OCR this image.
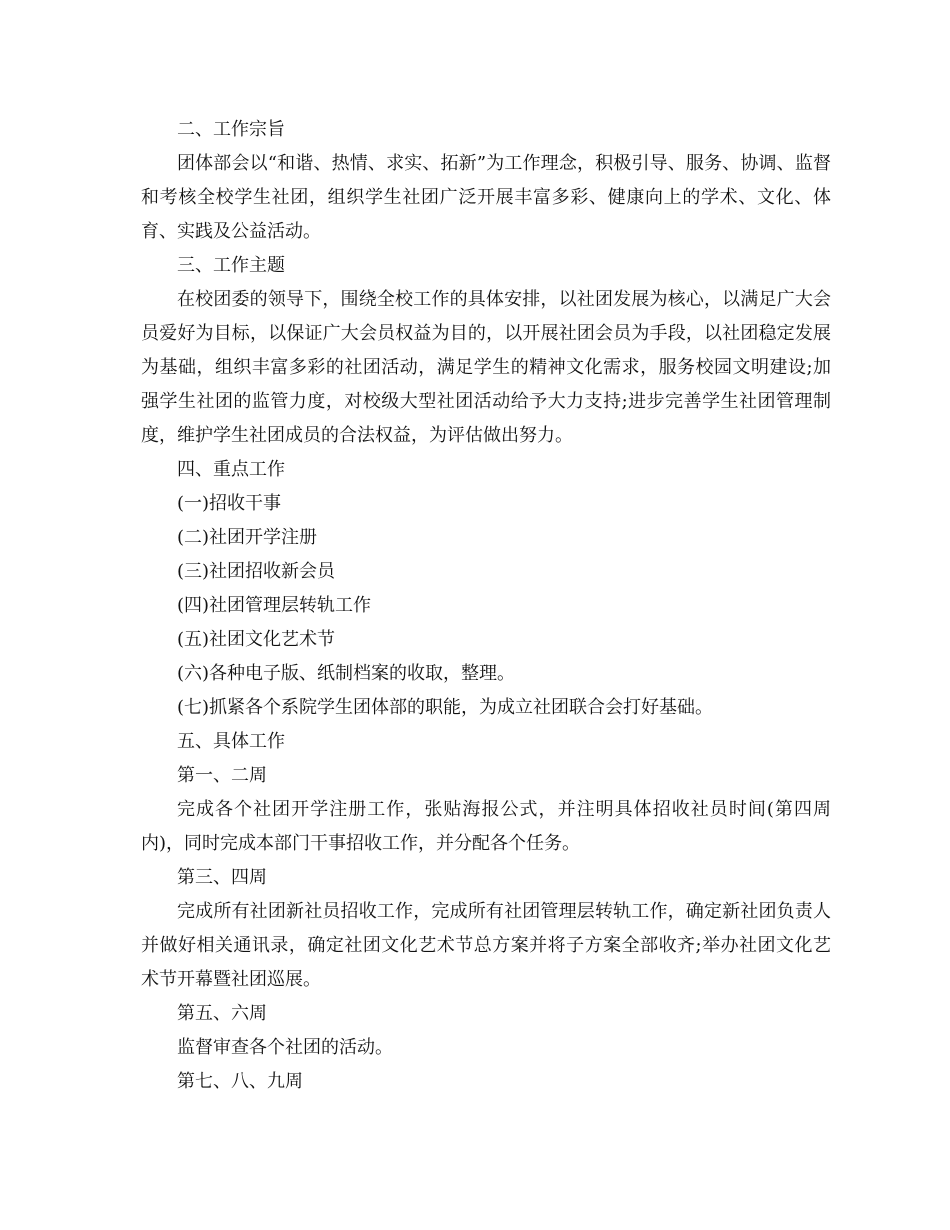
二、工作宗旨

团体部会以“和谐、热情、求实、拓新”为工作理念，积极引导、服务、协调、监督和考核全校学生社团，组织学生社团广泛开展丰富多彩、健康向上的学术、文化、体育、实践及公益活动。

三、工作主题

在校团委的领导下，围绕全校工作的具体安排，以社团发展为核心，以满足广大会员爱好为目标，以保证广大会员权益为目的，以开展社团会员为手段，以社团稳定发展为基础，组织丰富多彩的社团活动，满足学生的精神文化需求，服务校园文明建设;加强学生社团的监管力度，对校级大型社团活动给予大力支持;进步完善学生社团管理制度，维护学生社团成员的合法权益，为评估做出努力。

四、重点工作

(一)招收干事

(二)社团开学注册

(三)社团招收新会员

(四)社团管理层转轨工作

(五)社团文化艺术节

(六)各种电子版、纸制档案的收取，整理。

(七)抓紧各个系院学生团体部的职能，为成立社团联合会打好基础。

五、具体工作

第一、二周

完成各个社团开学注册工作，张贴海报公式，并注明具体招收社员时间(第四周内)，同时完成本部门干事招收工作，并分配各个任务。

第三、四周

完成所有社团新社员招收工作，完成所有社团管理层转轨工作，确定新社团负责人并做好相关通讯录，确定社团文化艺术节总方案并将子方案全部收齐;举办社团文化艺术节开幕暨社团巡展。

第五、六周

监督审查各个社团的活动。

第七、八、九周
